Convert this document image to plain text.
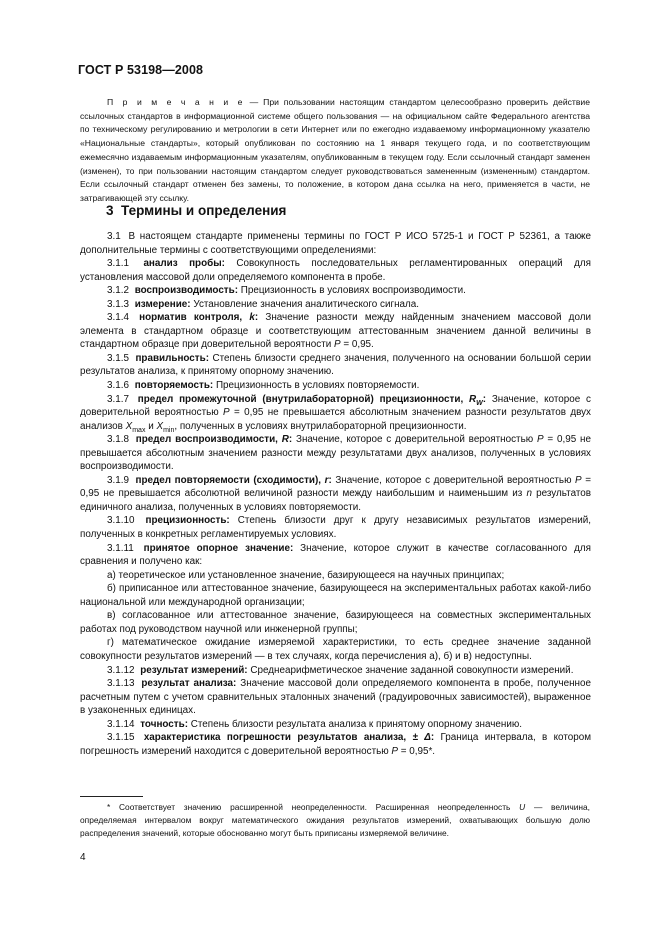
ГОСТ Р 53198—2008

П р и м е ч а н и е — При пользовании настоящим стандартом целесообразно проверить действие ссылочных стандартов в информационной системе общего пользования — на официальном сайте Федерального агентства по техническому регулированию и метрологии в сети Интернет или по ежегодно издаваемому информационному указателю «Национальные стандарты», который опубликован по состоянию на 1 января текущего года, и по соответствующим ежемесячно издаваемым информационным указателям, опубликованным в текущем году. Если ссылочный стандарт заменен (изменен), то при пользовании настоящим стандартом следует руководствоваться замененным (измененным) стандартом. Если ссылочный стандарт отменен без замены, то положение, в котором дана ссылка на него, применяется в части, не затрагивающей эту ссылку.

3 Термины и определения

3.1 В настоящем стандарте применены термины по ГОСТ Р ИСО 5725-1 и ГОСТ Р 52361, а также дополнительные термины с соответствующими определениями:

3.1.1 анализ пробы: Совокупность последовательных регламентированных операций для установления массовой доли определяемого компонента в пробе.

3.1.2 воспроизводимость: Прецизионность в условиях воспроизводимости.

3.1.3 измерение: Установление значения аналитического сигнала.

3.1.4 норматив контроля, k: Значение разности между найденным значением массовой доли элемента в стандартном образце и соответствующим аттестованным значением данной величины в стандартном образце при доверительной вероятности P = 0,95.

3.1.5 правильность: Степень близости среднего значения, полученного на основании большой серии результатов анализа, к принятому опорному значению.

3.1.6 повторяемость: Прецизионность в условиях повторяемости.

3.1.7 предел промежуточной (внутрилабораторной) прецизионности, $R_W$: Значение, которое с доверительной вероятностью P = 0,95 не превышается абсолютным значением разности результатов двух анализов $X_{max}$ и $X_{min}$, полученных в условиях внутрилабораторной прецизионности.

3.1.8 предел воспроизводимости, R: Значение, которое с доверительной вероятностью P = 0,95 не превышается абсолютным значением разности между результатами двух анализов, полученных в условиях воспроизводимости.

3.1.9 предел повторяемости (сходимости), r: Значение, которое с доверительной вероятностью P = 0,95 не превышается абсолютной величиной разности между наибольшим и наименьшим из n результатов единичного анализа, полученных в условиях повторяемости.

3.1.10 прецизионность: Степень близости друг к другу независимых результатов измерений, полученных в конкретных регламентируемых условиях.

3.1.11 принятое опорное значение: Значение, которое служит в качестве согласованного для сравнения и получено как:

а) теоретическое или установленное значение, базирующееся на научных принципах;

б) приписанное или аттестованное значение, базирующееся на экспериментальных работах какой-либо национальной или международной организации;

в) согласованное или аттестованное значение, базирующееся на совместных экспериментальных работах под руководством научной или инженерной группы;

г) математическое ожидание измеряемой характеристики, то есть среднее значение заданной совокупности результатов измерений — в тех случаях, когда перечисления а), б) и в) недоступны.

3.1.12 результат измерений: Среднеарифметическое значение заданной совокупности измерений.

3.1.13 результат анализа: Значение массовой доли определяемого компонента в пробе, полученное расчетным путем с учетом сравнительных эталонных значений (градуировочных зависимостей), выраженное в узаконенных единицах.

3.1.14 точность: Степень близости результата анализа к принятому опорному значению.

3.1.15 характеристика погрешности результатов анализа, ± Δ: Граница интервала, в котором погрешность измерений находится с доверительной вероятностью P = 0,95*.

* Соответствует значению расширенной неопределенности. Расширенная неопределенность U — величина, определяемая интервалом вокруг математического ожидания результатов измерений, охватывающих большую долю распределения значений, которые обоснованно могут быть приписаны измеряемой величине.

4
